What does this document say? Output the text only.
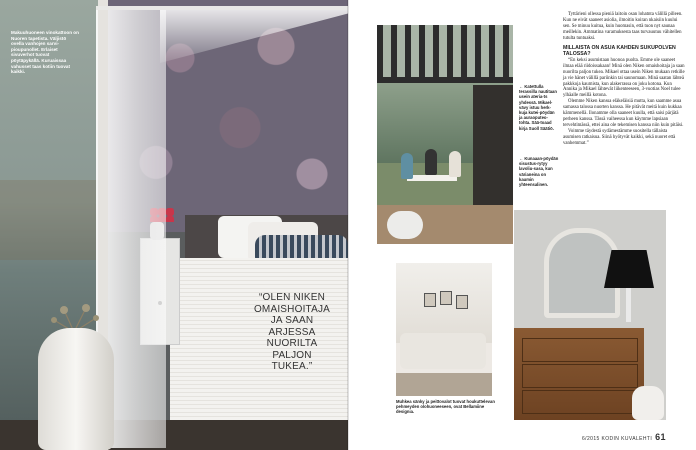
Makuuhuoneen vinokattoon on Nuoren tapetista. Väljistö ovella vanhojen sarvi-pioupunollet. Erlaiset sivuverhot tuovat pöytäpykällä. Kuruaissaa vahusset taas kotiin tuovat kaikki.
“OLEN NIKEN OMAISHOITAJA JA SAAN ARJESSA NUORILTA PALJON TUKEA.”
← Katettulla terassilla nautitaan usein ateria-ts yhdessä. Mikael-vävy istuu herk-kuja kutei-pöydän ja auraoputeo-tohta. Sää-toaad kirja Suoll Säätiö.
← Kunaaan-pöydän sisustus-rytyy lavoliu-sasa, kun värianeina on kaumin yhteensalinen.

Tyttärieni ollessa pieniä laitoin osan lohatnta välillä pilleen. Kun ne eivät saaneet asiolia, ilmoitin koiran nkaisiin kuului sen. Se minuu kuitua, kuin huomasin, että tuon nyt saunaa meillekin. Ammatina varamuksesta taas turvauutuu vähitellen tutulta tuntuaksi.

MILLAISTA ON ASUA KAHDEN SUKUPOLVEN TALOSSA?

“En keksi asumistaan huonoa puolta. Emme ole saaneet ilmaa elää riidoissakaan! Minä olen Niken omaishoitaja ja saan nuorilta paljon tukea. Mikael ottaa usein Niken mukaan retkille ja vie hänet välillä pariinkin tai saunomaan. Minä saatan lähteä pakkkoja kaumista, kun alakerrassa on joku kotona. Kun Annika ja Mikael lähtevät liikenteeseen, 3-vuotias Noel tulee ylhäalle meillä kotona.

Olemme Niken kanssa eläkeläisiä mutta, kun saamme asua samassa talossa nuorten kanssa. He pitävät meitä kuin kukkaa kämmenellä. Ilonamme olla saaneet kuulla, että saisi pärjätä perheen kanssa. Tässä vaiheessa kun käymme lapsiaan tervehtimässä, ettei aina ole tekemisen kanssa niin kuin pitäisi.

Voimme täydestä sydämestämme suositella tällaista asumisen ratkaisua. Siinä hyötyvät kaikki, sekä nuoret että vanhemmat.”

Muhkea sänky ja peittovalot tuovat houkuttelevan pehmeyden olohuoneeseen, ovat Bellamiine designia.
6/2015 KODIN KUVALEHTI 61
